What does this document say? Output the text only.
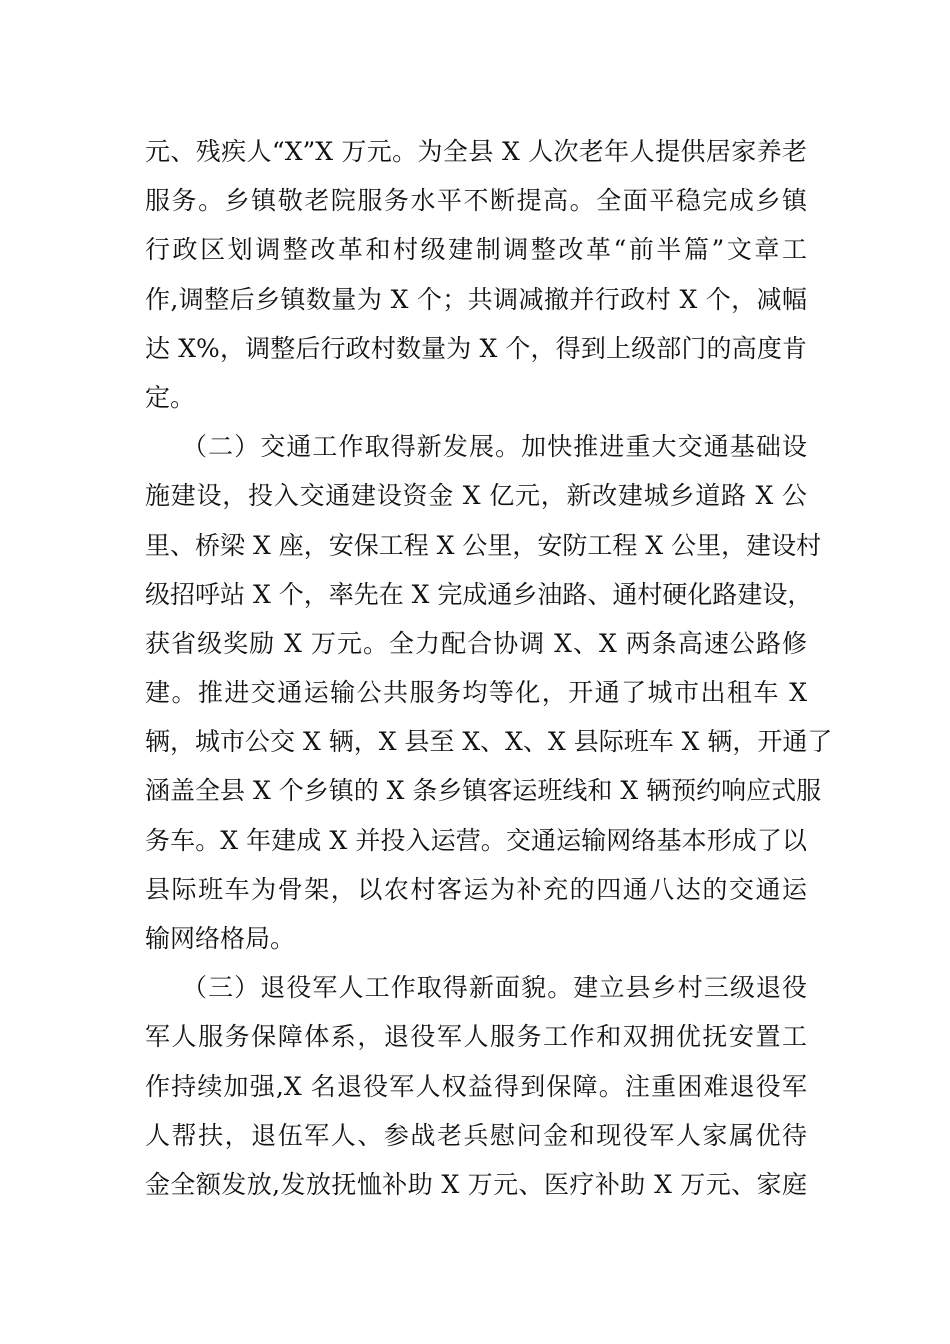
元、残疾人“X”X 万元。为全县 X 人次老年人提供居家养老
服务。乡镇敬老院服务水平不断提高。全面平稳完成乡镇
行政区划调整改革和村级建制调整改革“前半篇”文章工
作,调整后乡镇数量为 X 个；共调减撤并行政村 X 个，减幅
达 X%，调整后行政村数量为 X 个，得到上级部门的高度肯
定。
（二）交通工作取得新发展。加快推进重大交通基础设
施建设，投入交通建设资金 X 亿元，新改建城乡道路 X 公
里、桥梁 X 座，安保工程 X 公里，安防工程 X 公里，建设村
级招呼站 X 个，率先在 X 完成通乡油路、通村硬化路建设，
获省级奖励 X 万元。全力配合协调 X、X 两条高速公路修
建。推进交通运输公共服务均等化，开通了城市出租车 X
辆，城市公交 X 辆，X 县至 X、X、X 县际班车 X 辆，开通了
涵盖全县 X 个乡镇的 X 条乡镇客运班线和 X 辆预约响应式服
务车。X 年建成 X 并投入运营。交通运输网络基本形成了以
县际班车为骨架，以农村客运为补充的四通八达的交通运
输网络格局。
（三）退役军人工作取得新面貌。建立县乡村三级退役
军人服务保障体系，退役军人服务工作和双拥优抚安置工
作持续加强,X 名退役军人权益得到保障。注重困难退役军
人帮扶，退伍军人、参战老兵慰问金和现役军人家属优待
金全额发放,发放抚恤补助 X 万元、医疗补助 X 万元、家庭
